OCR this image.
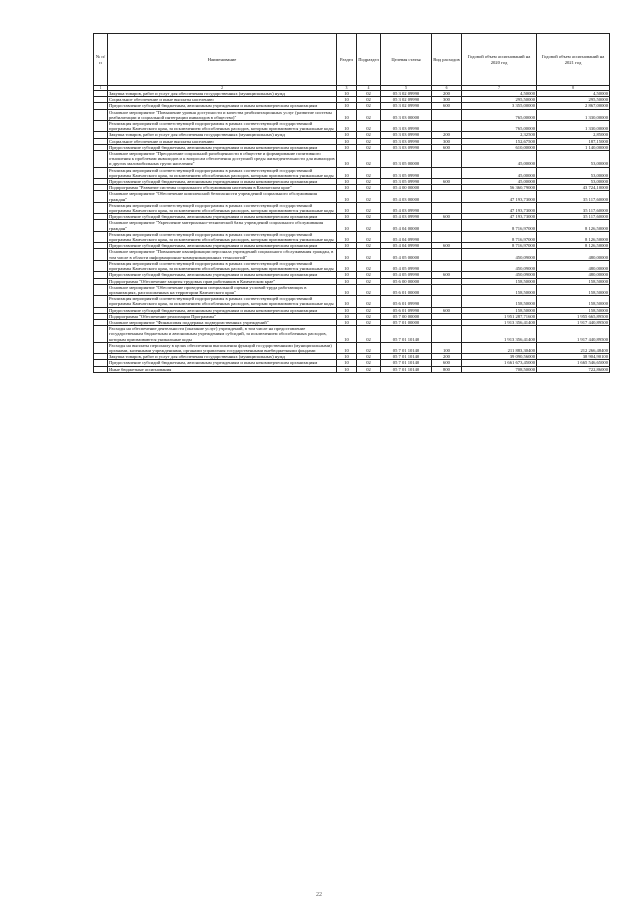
№ п/п	Наименование	Раздел	Подраздел	Целевая статья	Вид расходов	Годовой объем ассигнований на 2020 год	Годовой объем ассигнований на 2021 год
1	2	3	4	5	6	7	8
	Закупка товаров, работ и услуг для обеспечения государственных (муниципальных) нужд	10	02	05 3 02 09990	200	4,50000	4,50000
	Социальное обеспечение и иные выплаты населению	10	02	05 3 02 09990	300	295,50000	295,50000
	Предоставление субсидий бюджетным, автономным учреждениям и иным некоммерческим организациям	10	02	05 3 02 09990	600	3 355,00000	2 867,00000
	Основное мероприятие "Повышение уровня доступности и качества реабилитационных услуг (развитие системы реабилитации и социальной интеграции инвалидов в общество)"	10	02	05 3 03 00000		765,00000	1 330,00000
	Реализация мероприятий соответствующей подпрограммы в рамках соответствующей государственной программы Камчатского края, за исключением обособленных расходов, которым присваиваются уникальные коды	10	02	05 3 03 09990		765,00000	1 330,00000
	Закупка товаров, работ и услуг для обеспечения государственных (муниципальных) нужд	10	02	05 3 03 09990	200	2,32500	2,85000
	Социальное обеспечение и иные выплаты населению	10	02	05 3 03 09990	300	152,67500	187,15000
	Предоставление субсидий бюджетным, автономным учреждениям и иным некоммерческим организациям	10	02	05 3 03 09990	600	610,00000	1 140,00000
	Основное мероприятие "Преодоление социальной разобщенности в обществе и формирование позитивного отношения к проблемам инвалидов и к вопросам обеспечения доступной среды жизнедеятельности для инвалидов и других маломобильных групп населения"	10	02	05 3 05 00000		45,00000	53,00000
	Реализация мероприятий соответствующей подпрограммы в рамках соответствующей государственной программы Камчатского края, за исключением обособленных расходов, которым присваиваются уникальные коды	10	02	05 3 05 09990		45,00000	53,00000
	Предоставление субсидий бюджетным, автономным учреждениям и иным некоммерческим организациям	10	02	05 3 05 09990	600	45,00000	53,00000
	Подпрограмма "Развитие системы социального обслуживания населения в Камчатском крае"	10	02	05 4 00 00000		56 360,79000	43 724,10000
	Основное мероприятие "Обеспечение комплексной безопасности учреждений социального обслуживания граждан"	10	02	05 4 03 00000		47 193,73000	35 117,60000
	Реализация мероприятий соответствующей подпрограммы в рамках соответствующей государственной программы Камчатского края, за исключением обособленных расходов, которым присваиваются уникальные коды	10	02	05 4 03 09990		47 193,73000	35 117,60000
	Предоставление субсидий бюджетным, автономным учреждениям и иным некоммерческим организациям	10	02	05 4 03 09990	600	47 193,73000	35 117,60000
	Основное мероприятие "Укрепление материально-технической базы учреждений социального обслуживания граждан"	10	02	05 4 04 00000		8 716,97000	8 126,50000
	Реализация мероприятий соответствующей подпрограммы в рамках соответствующей государственной программы Камчатского края, за исключением обособленных расходов, которым присваиваются уникальные коды	10	02	05 4 04 09990		8 716,97000	8 126,50000
	Предоставление субсидий бюджетным, автономным учреждениям и иным некоммерческим организациям	10	02	05 4 04 09990	600	8 716,97000	8 126,50000
	Основное мероприятие "Повышение квалификации персонала учреждений социального обслуживания граждан, в том числе в области информационно-коммуникационных технологий"	10	02	05 4 05 00000		450,09000	480,00000
	Реализация мероприятий соответствующей подпрограммы в рамках соответствующей государственной программы Камчатского края, за исключением обособленных расходов, которым присваиваются уникальные коды	10	02	05 4 05 09990		450,09000	480,00000
	Предоставление субсидий бюджетным, автономным учреждениям и иным некоммерческим организациям	10	02	05 4 05 09990	600	450,09000	480,00000
	Подпрограмма "Обеспечение защиты трудовых прав работников в Камчатском крае"	10	02	05 6 00 00000		158,50000	158,50000
	Основное мероприятие "Обеспечение проведения специальной оценки условий труда работающих в организациях, расположенных на территории Камчатского края"	10	02	05 6 01 00000		158,50000	158,50000
	Реализация мероприятий соответствующей подпрограммы в рамках соответствующей государственной программы Камчатского края, за исключением обособленных расходов, которым присваиваются уникальные коды	10	02	05 6 01 09990		158,50000	158,50000
	Предоставление субсидий бюджетным, автономным учреждениям и иным некоммерческим организациям	10	02	05 6 01 09990	600	158,50000	158,50000
	Подпрограмма "Обеспечение реализации Программы"	10	02	05 7 00 00000		1 951 287,71600	1 955 665,89500
	Основное мероприятие "Финансовая поддержка подведомственных учреждений"	10	02	05 7 01 00000		1 913 356,41400	1 917 440,89500
	Расходы на обеспечение деятельности (оказание услуг) учреждений, в том числе на предоставление государственным бюджетным и автономным учреждениям субсидий, за исключением обособленных расходов, которым присваиваются уникальные коды	10	02	05 7 01 10140		1 913 356,41400	1 917 440,89500
	Расходы на выплаты персоналу в целях обеспечения выполнения функций государственными (муниципальными) органами, казенными учреждениями, органами управления государственными внебюджетными фондами	10	02	05 7 01 10140	100	211 883,30400	212 266,48400
	Закупка товаров, работ и услуг для обеспечения государственных (муниципальных) нужд	10	02	05 7 01 10140	200	39 090,56000	38 904,90100
	Предоставление субсидий бюджетным, автономным учреждениям и иным некоммерческим организациям	10	02	05 7 01 10140	600	1 661 673,45000	1 665 546,65000
	Иные бюджетные ассигнования	10	02	05 7 01 10140	800	708,50000	722,86000
22
